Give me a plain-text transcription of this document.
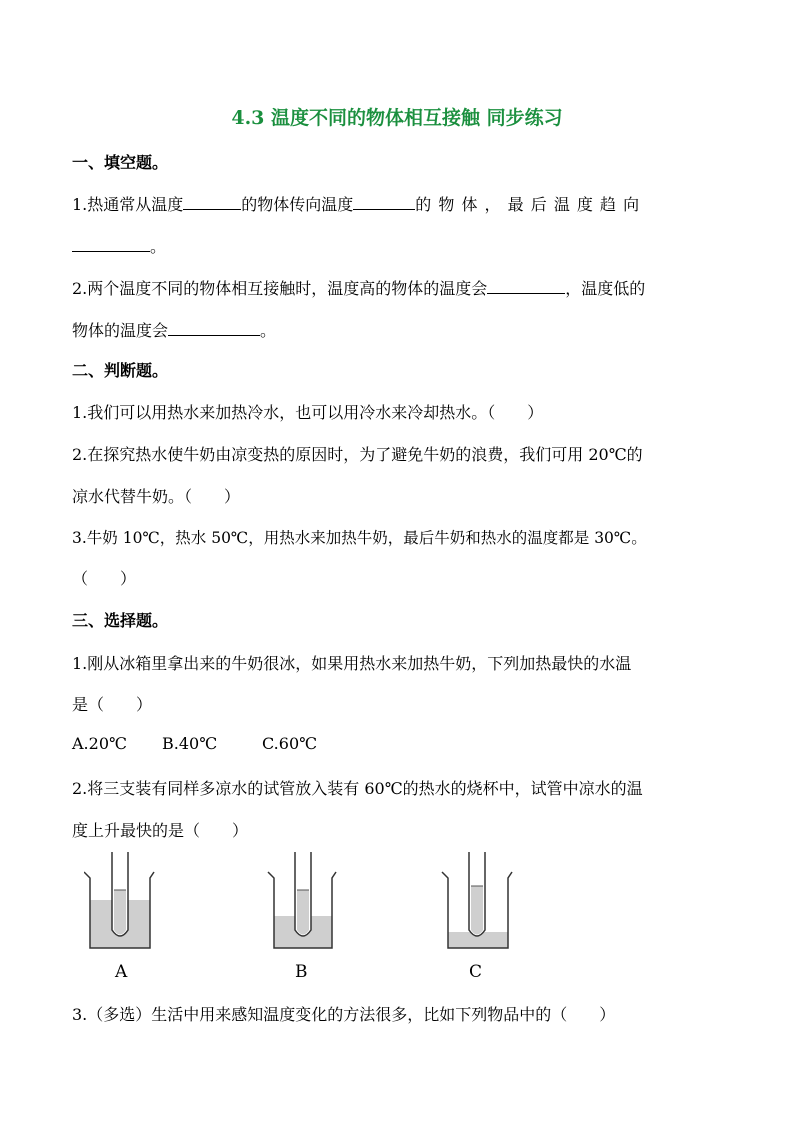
4.3 温度不同的物体相互接触 同步练习
一、填空题。
1.热通常从温度	的物体传向温度	的 物 体 ， 最 后 温 度 趋 向
。
2.两个温度不同的物体相互接触时，温度高的物体的温度会	，温度低的
物体的温度会	。
二、判断题。
1.我们可以用热水来加热冷水，也可以用冷水来冷却热水。（　　）
2.在探究热水使牛奶由凉变热的原因时，为了避免牛奶的浪费，我们可用 20℃的
凉水代替牛奶。（　　）
3.牛奶 10℃，热水 50℃，用热水来加热牛奶，最后牛奶和热水的温度都是 30℃。
（　　）
三、选择题。
1.刚从冰箱里拿出来的牛奶很冰，如果用热水来加热牛奶，下列加热最快的水温
是（　　）
A.20℃ B.40℃	C.60℃
2.将三支装有同样多凉水的试管放入装有 60℃的热水的烧杯中，试管中凉水的温
度上升最快的是（　　）
A	B	C
3.（多选）生活中用来感知温度变化的方法很多，比如下列物品中的（　　）
